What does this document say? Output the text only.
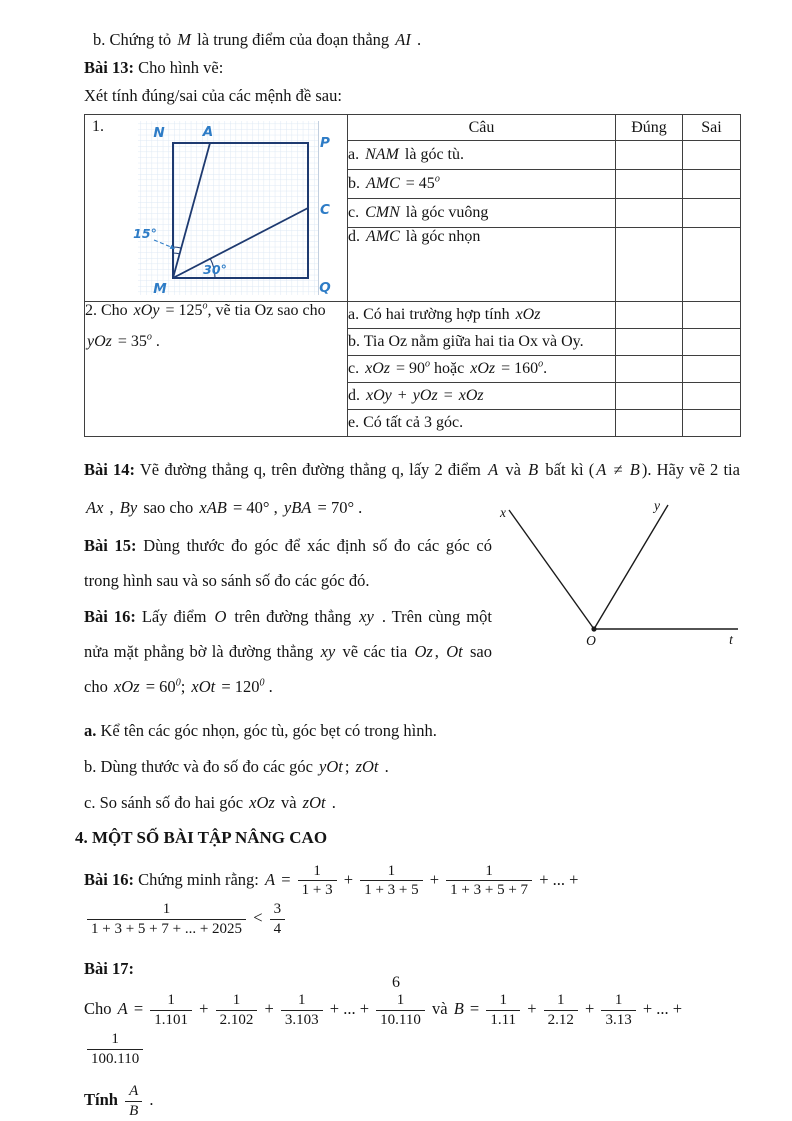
b. Chứng tỏ M là trung điểm của đoạn thẳng AI .

Bài 13: Cho hình vẽ:

Xét tính đúng/sai của các mệnh đề sau:

1.	N	A
P
C
M	Q
15°
30°
	Câu	Đúng	Sai
	a. NAM là góc tù.		
	b. AMC = $45^o$		
	c. CMN là góc vuông		
	d. AMC là góc nhọn		

2. Cho xOy = $125^o$, vẽ tia Oz sao cho
yOz = $35^o$ .	a. Có hai trường hợp tính xOz		
	b. Tia Oz nằm giữa hai tia Ox và Oy.		
	c. xOz = $90^o$ hoặc xOz = $160^o$.		
	d. xOy + yOz = xOz		
	e. Có tất cả 3 góc.		

Bài 14: Vẽ đường thẳng q, trên đường thẳng q, lấy 2 điểm A và B bất kì ( A ≠ B ). Hãy vẽ 2 tia Ax , By sao cho xAB = 40° , yBA = 70° .

Bài 15: Dùng thước đo góc để xác định số đo các góc có trong hình sau và so sánh số đo các góc đó.

Bài 16: Lấy điểm O trên đường thẳng xy . Trên cùng một nửa mặt phẳng bờ là đường thẳng xy vẽ các tia Oz , Ot sao cho xOz = $60^0$; xOt = $120^0$ .

x	y
O	t

a. Kể tên các góc nhọn, góc tù, góc bẹt có trong hình.

b. Dùng thước và đo số đo các góc yOt ; zOt .

c. So sánh số đo hai góc xOz và zOt .

4. MỘT SỐ BÀI TẬP NÂNG CAO

Bài 16: Chứng minh rằng: $A = \frac{1}{1 + 3} + \frac{1}{1 + 3 + 5} + \frac{1}{1 + 3 + 5 + 7}$ + ... +
$\frac{1}{1 + 3 + 5 + 7 + ... + 2025} < \frac{3}{4}$

Bài 17:

Cho $A = \frac{1}{1.101} + \frac{1}{2.102} + \frac{1}{3.103}$ + ... + $\frac{1}{10.110}$ và $B = \frac{1}{1.11} + \frac{1}{2.12} + \frac{1}{3.13}$ + ... +
$\frac{1}{100.110}$

Tính $\frac{A}{B}$ .

6
